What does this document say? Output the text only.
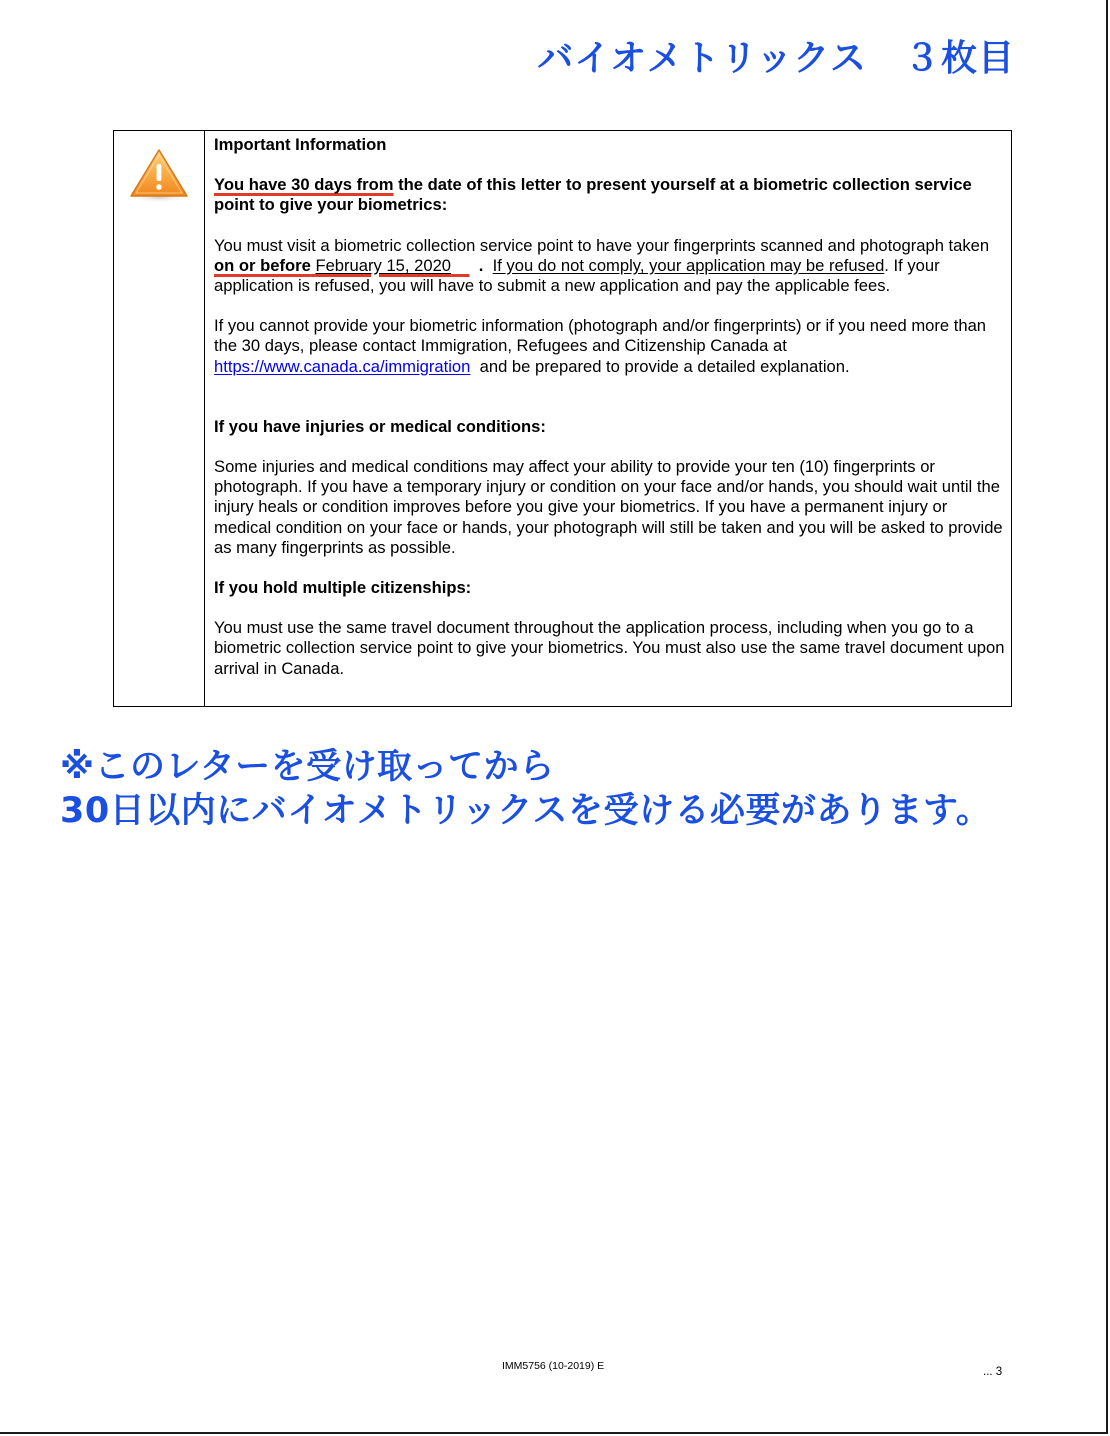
バイオメトリックス　３枚目

Important Information

You have 30 days from the date of this letter to present yourself at a biometric collection service point to give your biometrics:

You must visit a biometric collection service point to have your fingerprints scanned and photograph taken on or before February 15, 2020 . If you do not comply, your application may be refused. If your application is refused, you will have to submit a new application and pay the applicable fees.

If you cannot provide your biometric information (photograph and/or fingerprints) or if you need more than the 30 days, please contact Immigration, Refugees and Citizenship Canada at https://www.canada.ca/immigration and be prepared to provide a detailed explanation.

If you have injuries or medical conditions:

Some injuries and medical conditions may affect your ability to provide your ten (10) fingerprints or photograph. If you have a temporary injury or condition on your face and/or hands, you should wait until the injury heals or condition improves before you give your biometrics. If you have a permanent injury or medical condition on your face or hands, your photograph will still be taken and you will be asked to provide as many fingerprints as possible.

If you hold multiple citizenships:

You must use the same travel document throughout the application process, including when you go to a biometric collection service point to give your biometrics. You must also use the same travel document upon arrival in Canada.

※このレターを受け取ってから
30日以内にバイオメトリックスを受ける必要があります。
IMM5756 (10-2019) E	... 3
